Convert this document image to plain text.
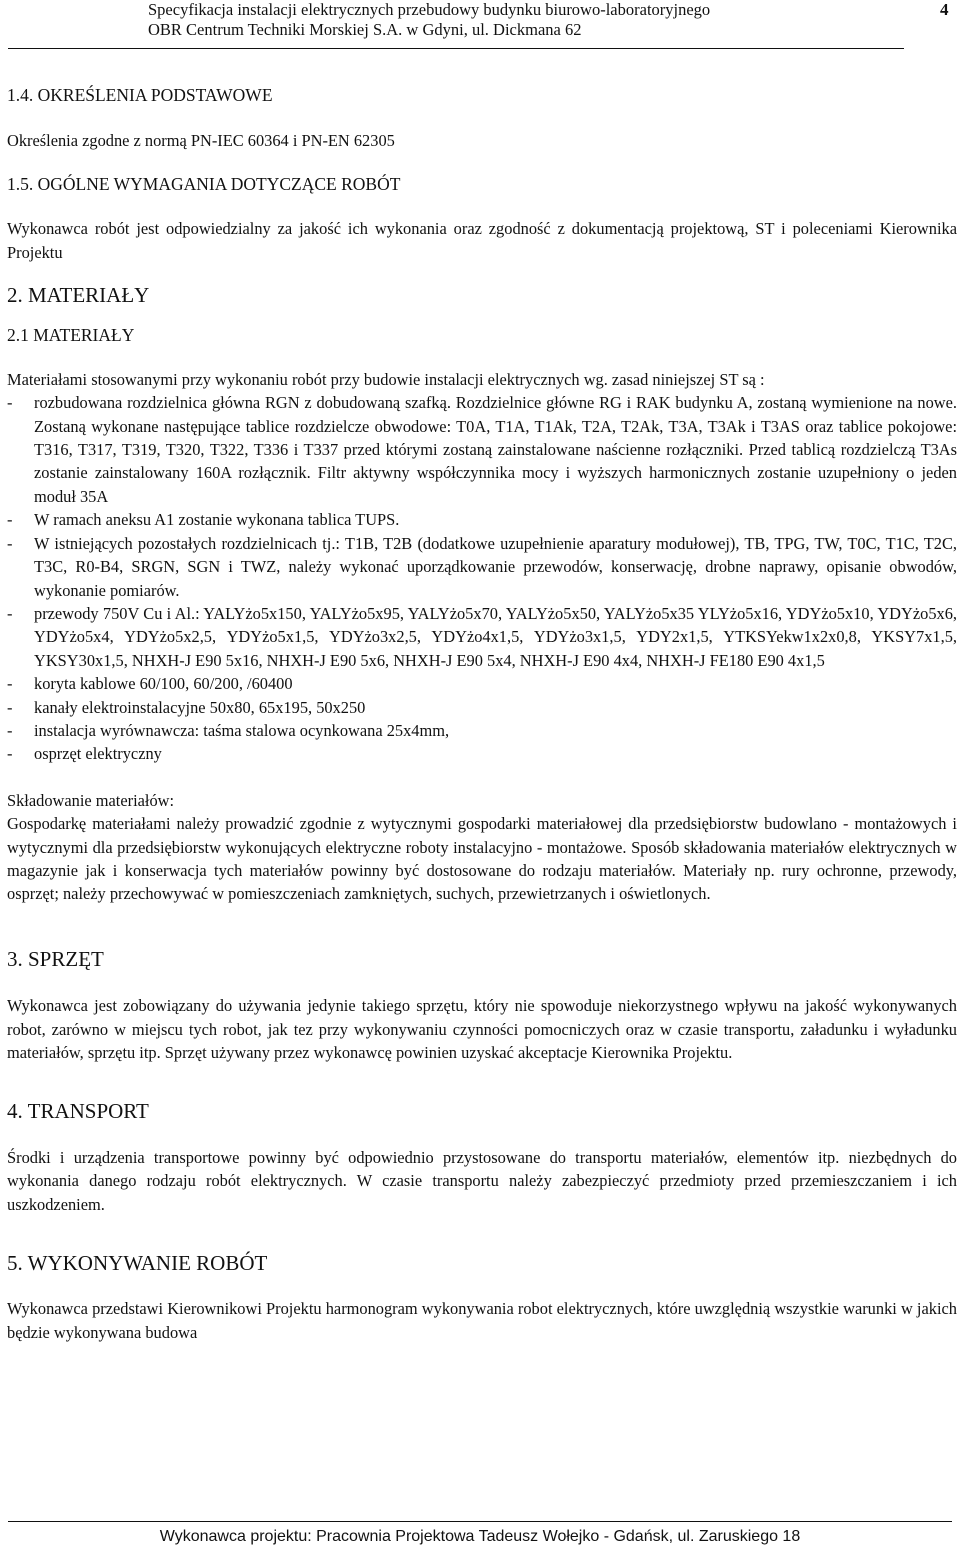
Specyfikacja instalacji elektrycznych przebudowy budynku biurowo-laboratoryjnego
OBR Centrum Techniki Morskiej S.A. w Gdyni, ul. Dickmana 62
4

1.4. OKREŚLENIA PODSTAWOWE

Określenia zgodne z normą PN-IEC 60364 i PN-EN 62305

1.5. OGÓLNE WYMAGANIA DOTYCZĄCE ROBÓT

Wykonawca robót jest odpowiedzialny za jakość ich wykonania oraz zgodność z dokumentacją projektową, ST i poleceniami Kierownika Projektu

2. MATERIAŁY

2.1 MATERIAŁY

Materiałami stosowanymi przy wykonaniu robót przy budowie instalacji elektrycznych wg. zasad niniejszej ST są :

- rozbudowana rozdzielnica główna RGN z dobudowaną szafką. Rozdzielnice główne RG i RAK budynku A, zostaną wymienione na nowe. Zostaną wykonane następujące tablice rozdzielcze obwodowe: T0A, T1A, T1Ak, T2A, T2Ak, T3A, T3Ak i T3AS oraz tablice pokojowe: T316, T317, T319, T320, T322, T336 i T337 przed którymi zostaną zainstalowane naścienne rozłączniki. Przed tablicą rozdzielczą T3As zostanie zainstalowany 160A rozłącznik. Filtr aktywny współczynnika mocy i wyższych harmonicznych zostanie uzupełniony o jeden moduł 35A
- W ramach aneksu A1 zostanie wykonana tablica TUPS.
- W istniejących pozostałych rozdzielnicach tj.: T1B, T2B (dodatkowe uzupełnienie aparatury modułowej), TB, TPG, TW, T0C, T1C, T2C, T3C, R0-B4, SRGN, SGN i TWZ, należy wykonać uporządkowanie przewodów, konserwację, drobne naprawy, opisanie obwodów, wykonanie pomiarów.
- przewody 750V Cu i Al.: YALYżo5x150, YALYżo5x95, YALYżo5x70, YALYżo5x50, YALYżo5x35 YLYżo5x16, YDYżo5x10, YDYżo5x6, YDYżo5x4, YDYżo5x2,5, YDYżo5x1,5, YDYżo3x2,5, YDYżo4x1,5, YDYżo3x1,5, YDY2x1,5, YTKSYekw1x2x0,8, YKSY7x1,5, YKSY30x1,5, NHXH-J E90 5x16, NHXH-J E90 5x6, NHXH-J E90 5x4, NHXH-J E90 4x4, NHXH-J FE180 E90 4x1,5
- koryta kablowe 60/100, 60/200, /60400
- kanały elektroinstalacyjne 50x80, 65x195, 50x250
- instalacja wyrównawcza: taśma stalowa ocynkowana 25x4mm,
- osprzęt elektryczny

Składowanie materiałów:

Gospodarkę materiałami należy prowadzić zgodnie z wytycznymi gospodarki materiałowej dla przedsiębiorstw budowlano - montażowych i wytycznymi dla przedsiębiorstw wykonujących elektryczne roboty instalacyjno - montażowe. Sposób składowania materiałów elektrycznych w magazynie jak i konserwacja tych materiałów powinny być dostosowane do rodzaju materiałów. Materiały np. rury ochronne, przewody, osprzęt; należy przechowywać w pomieszczeniach zamkniętych, suchych, przewietrzanych i oświetlonych.

3. SPRZĘT

Wykonawca jest zobowiązany do używania jedynie takiego sprzętu, który nie spowoduje niekorzystnego wpływu na jakość wykonywanych robot, zarówno w miejscu tych robot, jak tez przy wykonywaniu czynności pomocniczych oraz w czasie transportu, załadunku i wyładunku materiałów, sprzętu itp. Sprzęt używany przez wykonawcę powinien uzyskać akceptacje Kierownika Projektu.

4. TRANSPORT

Środki i urządzenia transportowe powinny być odpowiednio przystosowane do transportu materiałów, elementów itp. niezbędnych do wykonania danego rodzaju robót elektrycznych. W czasie transportu należy zabezpieczyć przedmioty przed przemieszczaniem i ich uszkodzeniem.

5. WYKONYWANIE ROBÓT

Wykonawca przedstawi Kierownikowi Projektu harmonogram wykonywania robot elektrycznych, które uwzględnią wszystkie warunki w jakich będzie wykonywana budowa

Wykonawca projektu: Pracownia Projektowa Tadeusz Wołejko - Gdańsk, ul. Zaruskiego 18
